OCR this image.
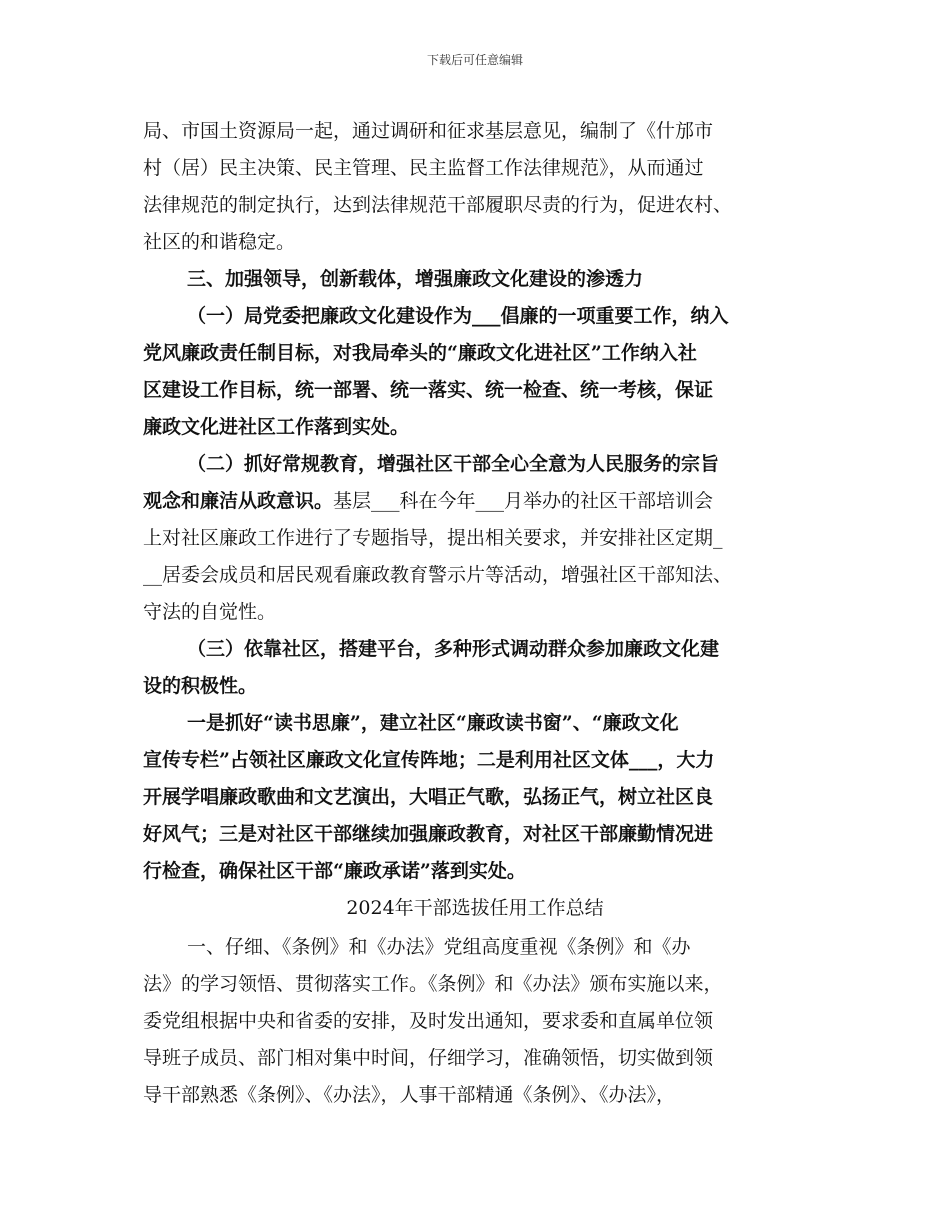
下载后可任意编辑
局、市国土资源局一起，通过调研和征求基层意见，编制了《什邡市
村（居）民主决策、民主管理、民主监督工作法律规范》，从而通过
法律规范的制定执行，达到法律规范干部履职尽责的行为，促进农村、
社区的和谐稳定。
三、加强领导，创新载体，增强廉政文化建设的渗透力
（一）局党委把廉政文化建设作为___倡廉的一项重要工作，纳入
党风廉政责任制目标，对我局牵头的“廉政文化进社区”工作纳入社
区建设工作目标，统一部署、统一落实、统一检查、统一考核，保证
廉政文化进社区工作落到实处。
（二）抓好常规教育，增强社区干部全心全意为人民服务的宗旨
观念和廉洁从政意识。基层___科在今年___月举办的社区干部培训会
上对社区廉政工作进行了专题指导，提出相关要求，并安排社区定期_
__居委会成员和居民观看廉政教育警示片等活动，增强社区干部知法、
守法的自觉性。
（三）依靠社区，搭建平台，多种形式调动群众参加廉政文化建
设的积极性。
一是抓好“读书思廉”，建立社区“廉政读书窗”、“廉政文化
宣传专栏”占领社区廉政文化宣传阵地；二是利用社区文体___，大力
开展学唱廉政歌曲和文艺演出，大唱正气歌，弘扬正气，树立社区良
好风气；三是对社区干部继续加强廉政教育，对社区干部廉勤情况进
行检查，确保社区干部“廉政承诺”落到实处。
2024年干部选拔任用工作总结
一、仔细、《条例》和《办法》党组高度重视《条例》和《办
法》的学习领悟、贯彻落实工作。《条例》和《办法》颁布实施以来，
委党组根据中央和省委的安排，及时发出通知，要求委和直属单位领
导班子成员、部门相对集中时间，仔细学习，准确领悟，切实做到领
导干部熟悉《条例》、《办法》，人事干部精通《条例》、《办法》，
